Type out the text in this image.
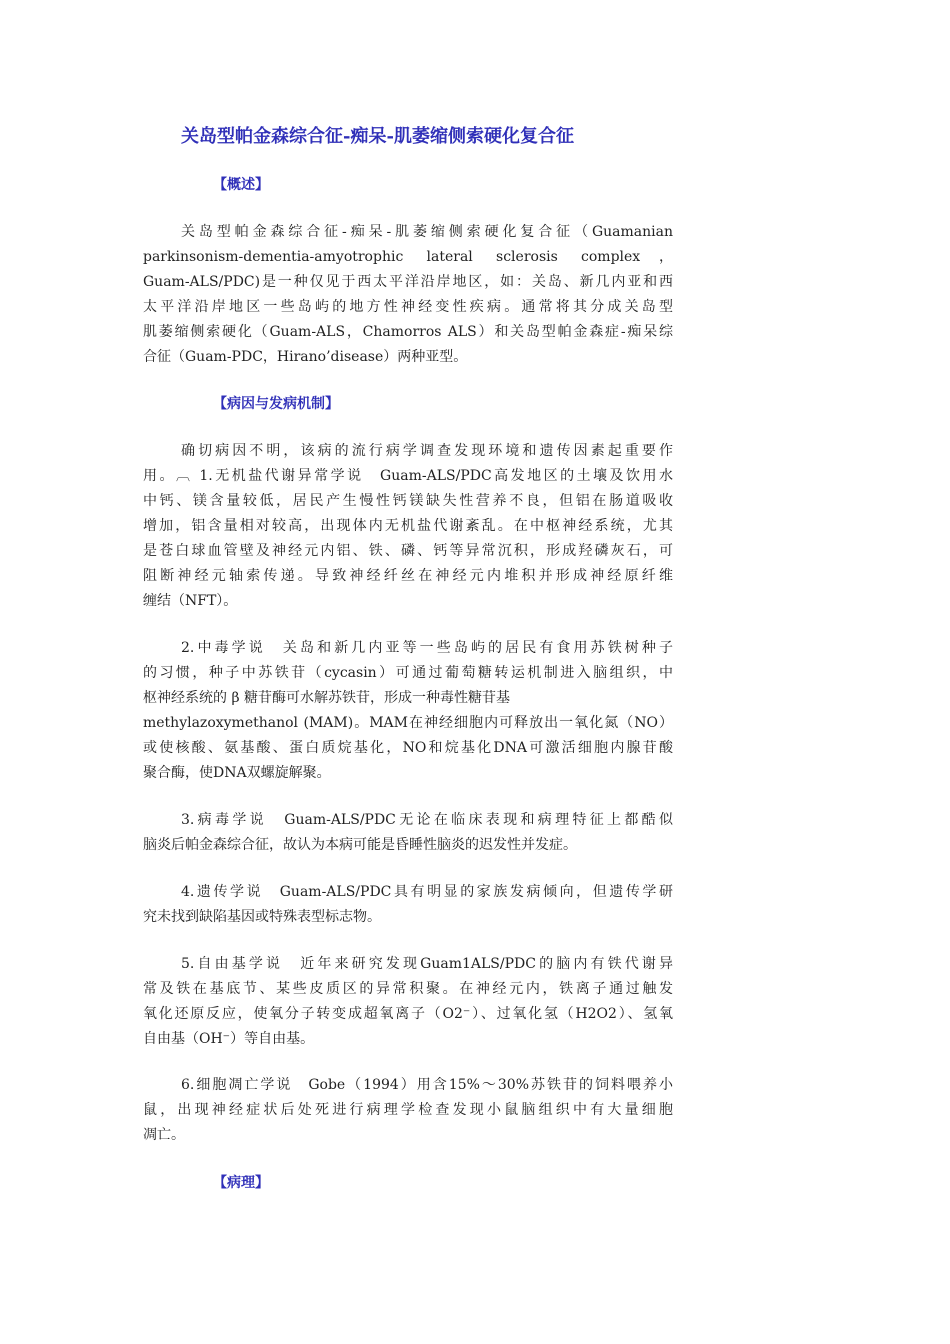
关岛型帕金森综合征-痴呆-肌萎缩侧索硬化复合征
【概述】
关岛型帕金森综合征-痴呆-肌萎缩侧索硬化复合征（Guamanian
parkinsonism-dementia-amyotrophic lateral sclerosis complex，
Guam-ALS/PDC)是一种仅见于西太平洋沿岸地区，如：关岛、新几内亚和西
太平洋沿岸地区一些岛屿的地方性神经变性疾病。通常将其分成关岛型
肌萎缩侧索硬化（Guam-ALS，Chamorros ALS）和关岛型帕金森症-痴呆综
合征（Guam-PDC，Hirano’disease）两种亚型。
【病因与发病机制】
确切病因不明，该病的流行病学调查发现环境和遗传因素起重要作
用。︹ 1.无机盐代谢异常学说　Guam-ALS/PDC高发地区的土壤及饮用水
中钙、镁含量较低，居民产生慢性钙镁缺失性营养不良，但铝在肠道吸收
增加，铝含量相对较高，出现体内无机盐代谢紊乱。在中枢神经系统，尤其
是苍白球血管壁及神经元内铝、铁、磷、钙等异常沉积，形成羟磷灰石，可
阻断神经元轴索传递。导致神经纤丝在神经元内堆积并形成神经原纤维
缠结（NFT）。
2.中毒学说　关岛和新几内亚等一些岛屿的居民有食用苏铁树种子
的习惯，种子中苏铁苷（cycasin）可通过葡萄糖转运机制进入脑组织，中
枢神经系统的 β 糖苷酶可水解苏铁苷，形成一种毒性糖苷基
methylazoxymethanol (MAM)。MAM在神经细胞内可释放出一氧化氮（NO）
或使核酸、氨基酸、蛋白质烷基化，NO和烷基化DNA可激活细胞内腺苷酸
聚合酶，使DNA双螺旋解聚。
3.病毒学说　Guam-ALS/PDC无论在临床表现和病理特征上都酷似
脑炎后帕金森综合征，故认为本病可能是昏睡性脑炎的迟发性并发症。
4.遗传学说　Guam-ALS/PDC具有明显的家族发病倾向，但遗传学研
究未找到缺陷基因或特殊表型标志物。
5.自由基学说　近年来研究发现Guam1ALS/PDC的脑内有铁代谢异
常及铁在基底节、某些皮质区的异常积聚。在神经元内，铁离子通过触发
氧化还原反应，使氧分子转变成超氧离子（O2⁻）、过氧化氢（H2O2）、氢氧
自由基（OH⁻）等自由基。
6.细胞凋亡学说　Gobe（1994）用含15%～30%苏铁苷的饲料喂养小
鼠，出现神经症状后处死进行病理学检查发现小鼠脑组织中有大量细胞
凋亡。
【病理】
